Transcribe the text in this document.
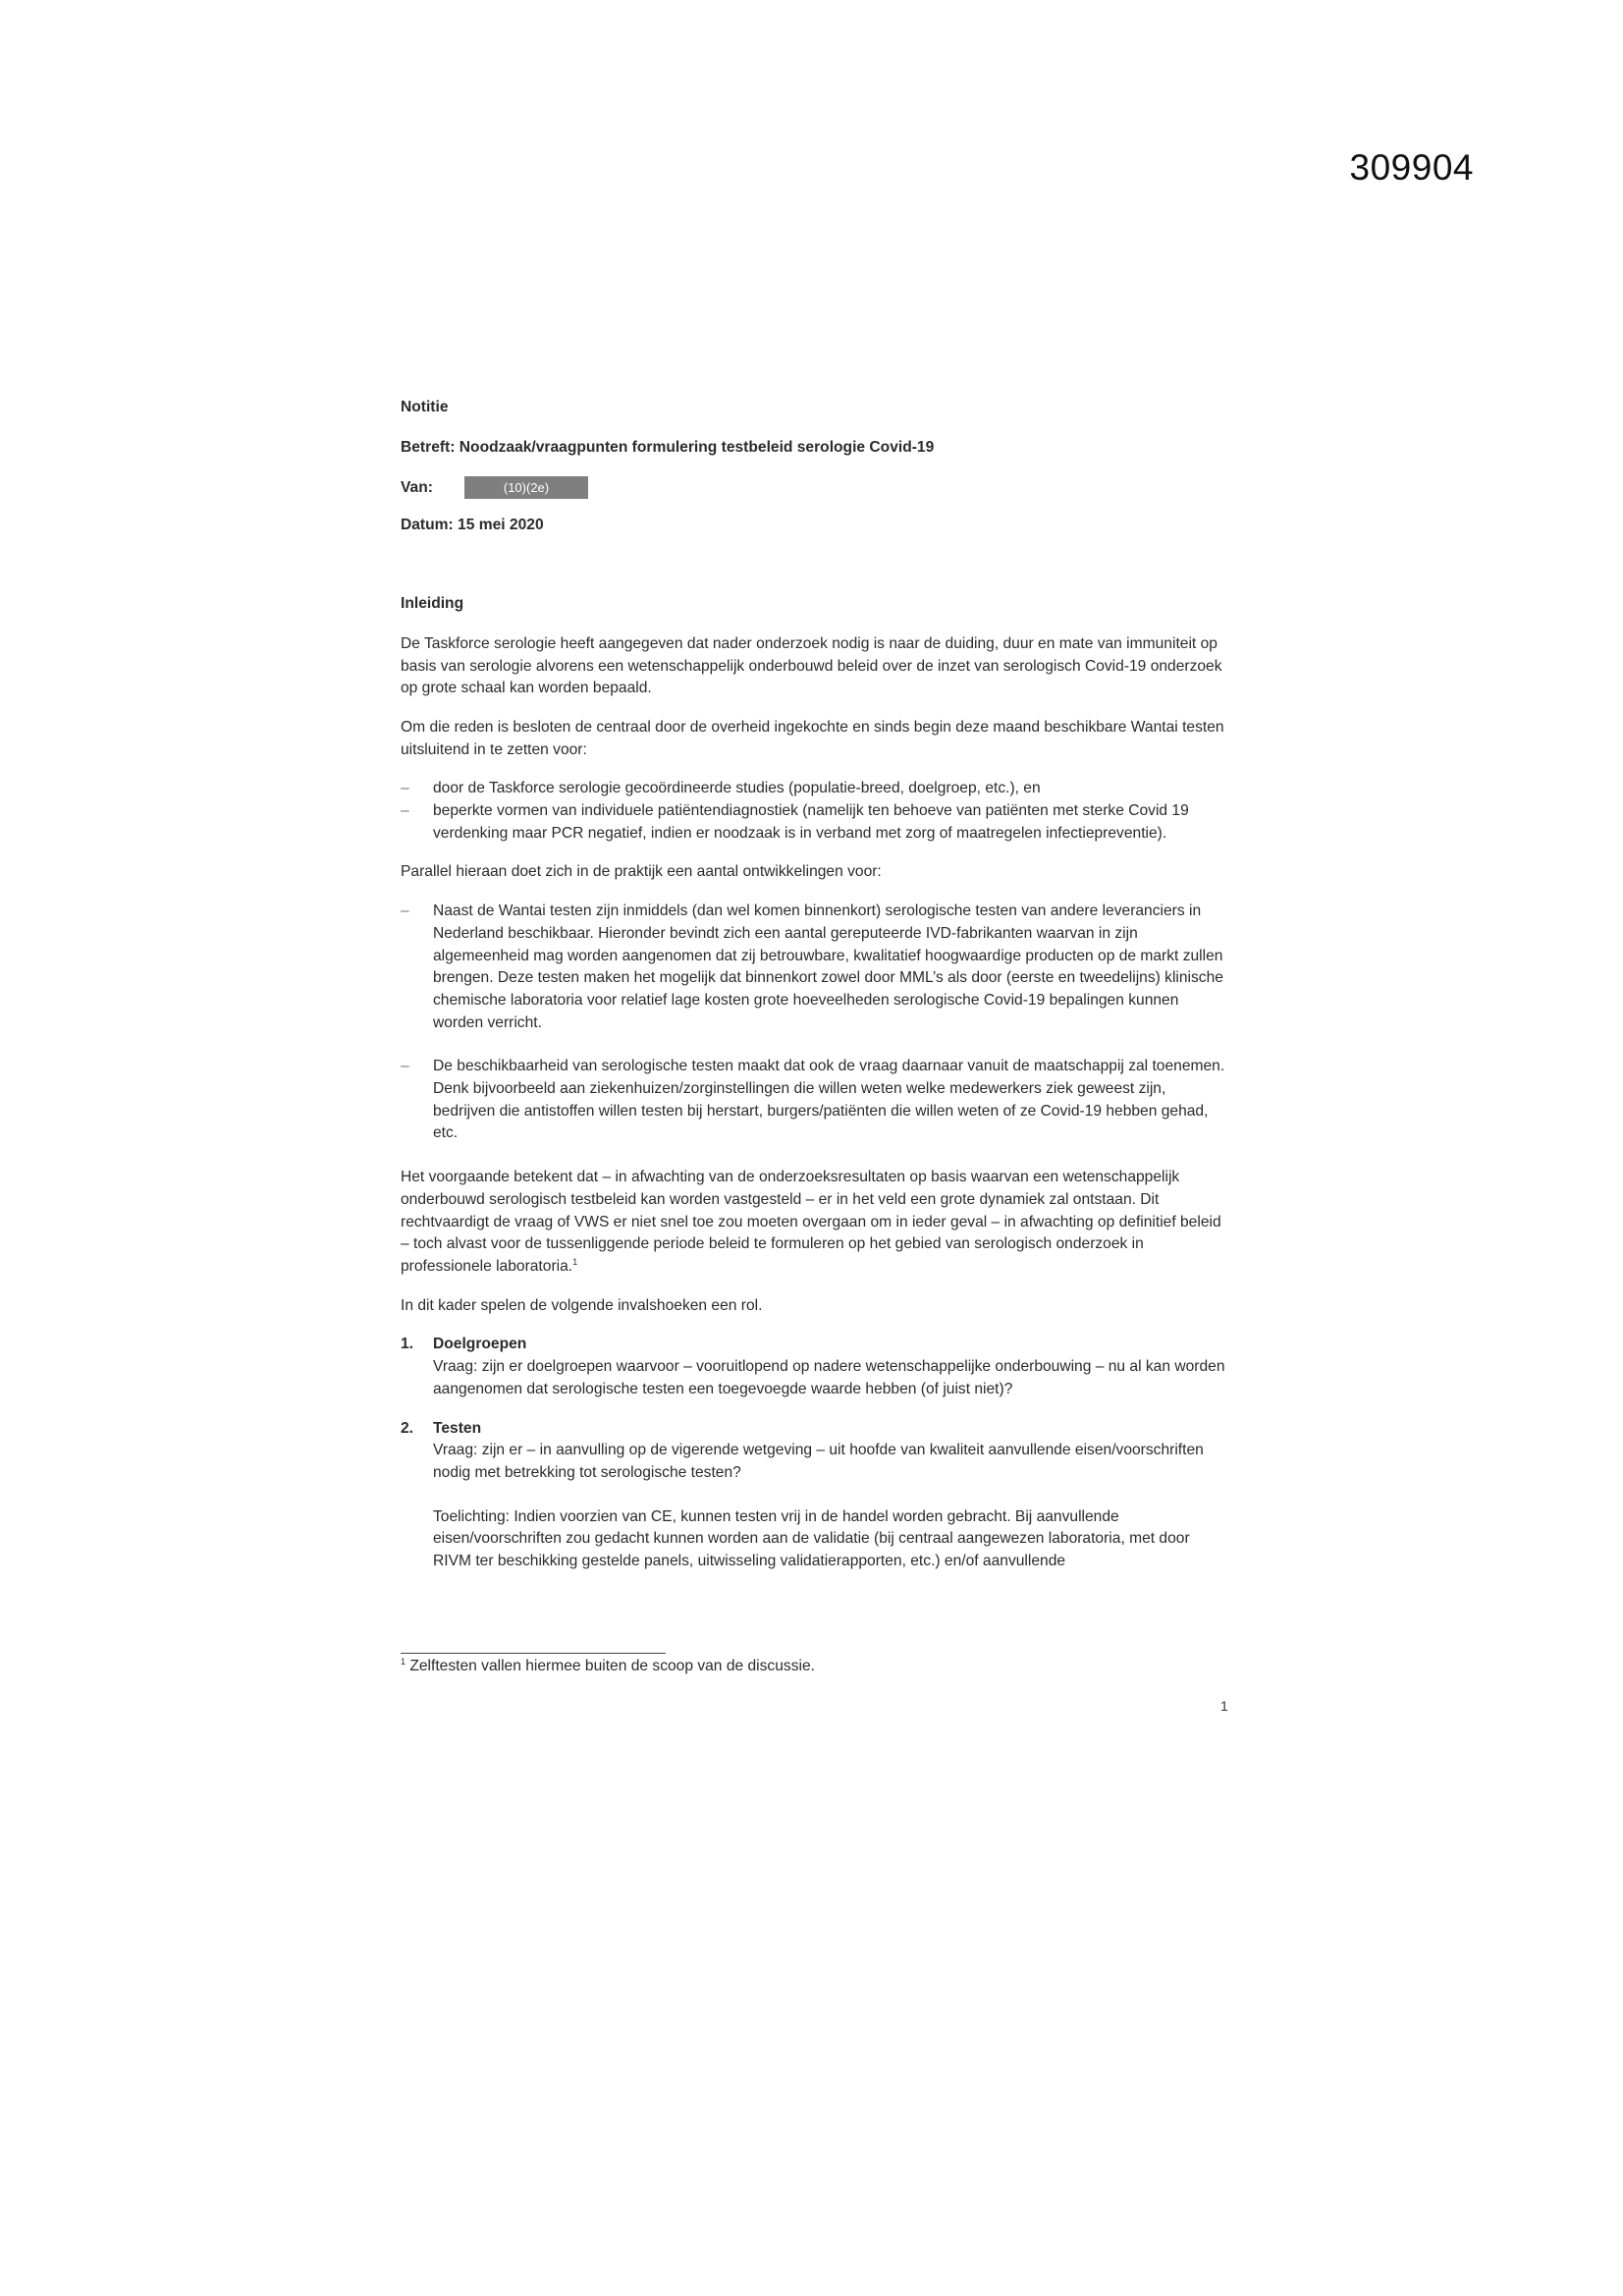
309904
Notitie
Betreft: Noodzaak/vraagpunten formulering testbeleid serologie Covid-19
Van:	(10)(2e)
Datum: 15 mei 2020
Inleiding

De Taskforce serologie heeft aangegeven dat nader onderzoek nodig is naar de duiding, duur en mate van immuniteit op basis van serologie alvorens een wetenschappelijk onderbouwd beleid over de inzet van serologisch Covid-19 onderzoek op grote schaal kan worden bepaald.

Om die reden is besloten de centraal door de overheid ingekochte en sinds begin deze maand beschikbare Wantai testen uitsluitend in te zetten voor:

– door de Taskforce serologie gecoördineerde studies (populatie-breed, doelgroep, etc.), en
– beperkte vormen van individuele patiëntendiagnostiek (namelijk ten behoeve van patiënten met sterke Covid 19 verdenking maar PCR negatief, indien er noodzaak is in verband met zorg of maatregelen infectiepreventie).

Parallel hieraan doet zich in de praktijk een aantal ontwikkelingen voor:

– Naast de Wantai testen zijn inmiddels (dan wel komen binnenkort) serologische testen van andere leveranciers in Nederland beschikbaar. Hieronder bevindt zich een aantal gereputeerde IVD-fabrikanten waarvan in zijn algemeenheid mag worden aangenomen dat zij betrouwbare, kwalitatief hoogwaardige producten op de markt zullen brengen. Deze testen maken het mogelijk dat binnenkort zowel door MML’s als door (eerste en tweedelijns) klinische chemische laboratoria voor relatief lage kosten grote hoeveelheden serologische Covid-19 bepalingen kunnen worden verricht.
– De beschikbaarheid van serologische testen maakt dat ook de vraag daarnaar vanuit de maatschappij zal toenemen. Denk bijvoorbeeld aan ziekenhuizen/zorginstellingen die willen weten welke medewerkers ziek geweest zijn, bedrijven die antistoffen willen testen bij herstart, burgers/patiënten die willen weten of ze Covid-19 hebben gehad, etc.

Het voorgaande betekent dat – in afwachting van de onderzoeksresultaten op basis waarvan een wetenschappelijk onderbouwd serologisch testbeleid kan worden vastgesteld – er in het veld een grote dynamiek zal ontstaan. Dit rechtvaardigt de vraag of VWS er niet snel toe zou moeten overgaan om in ieder geval – in afwachting op definitief beleid – toch alvast voor de tussenliggende periode beleid te formuleren op het gebied van serologisch onderzoek in professionele laboratoria.$^1$

In dit kader spelen de volgende invalshoeken een rol.

1. Doelgroepen
Vraag: zijn er doelgroepen waarvoor – vooruitlopend op nadere wetenschappelijke onderbouwing – nu al kan worden aangenomen dat serologische testen een toegevoegde waarde hebben (of juist niet)?
2. Testen
Vraag: zijn er – in aanvulling op de vigerende wetgeving – uit hoofde van kwaliteit aanvullende eisen/voorschriften nodig met betrekking tot serologische testen?
Toelichting: Indien voorzien van CE, kunnen testen vrij in de handel worden gebracht. Bij aanvullende eisen/voorschriften zou gedacht kunnen worden aan de validatie (bij centraal aangewezen laboratoria, met door RIVM ter beschikking gestelde panels, uitwisseling validatierapporten, etc.) en/of aanvullende
$^1$ Zelftesten vallen hiermee buiten de scoop van de discussie.
1
